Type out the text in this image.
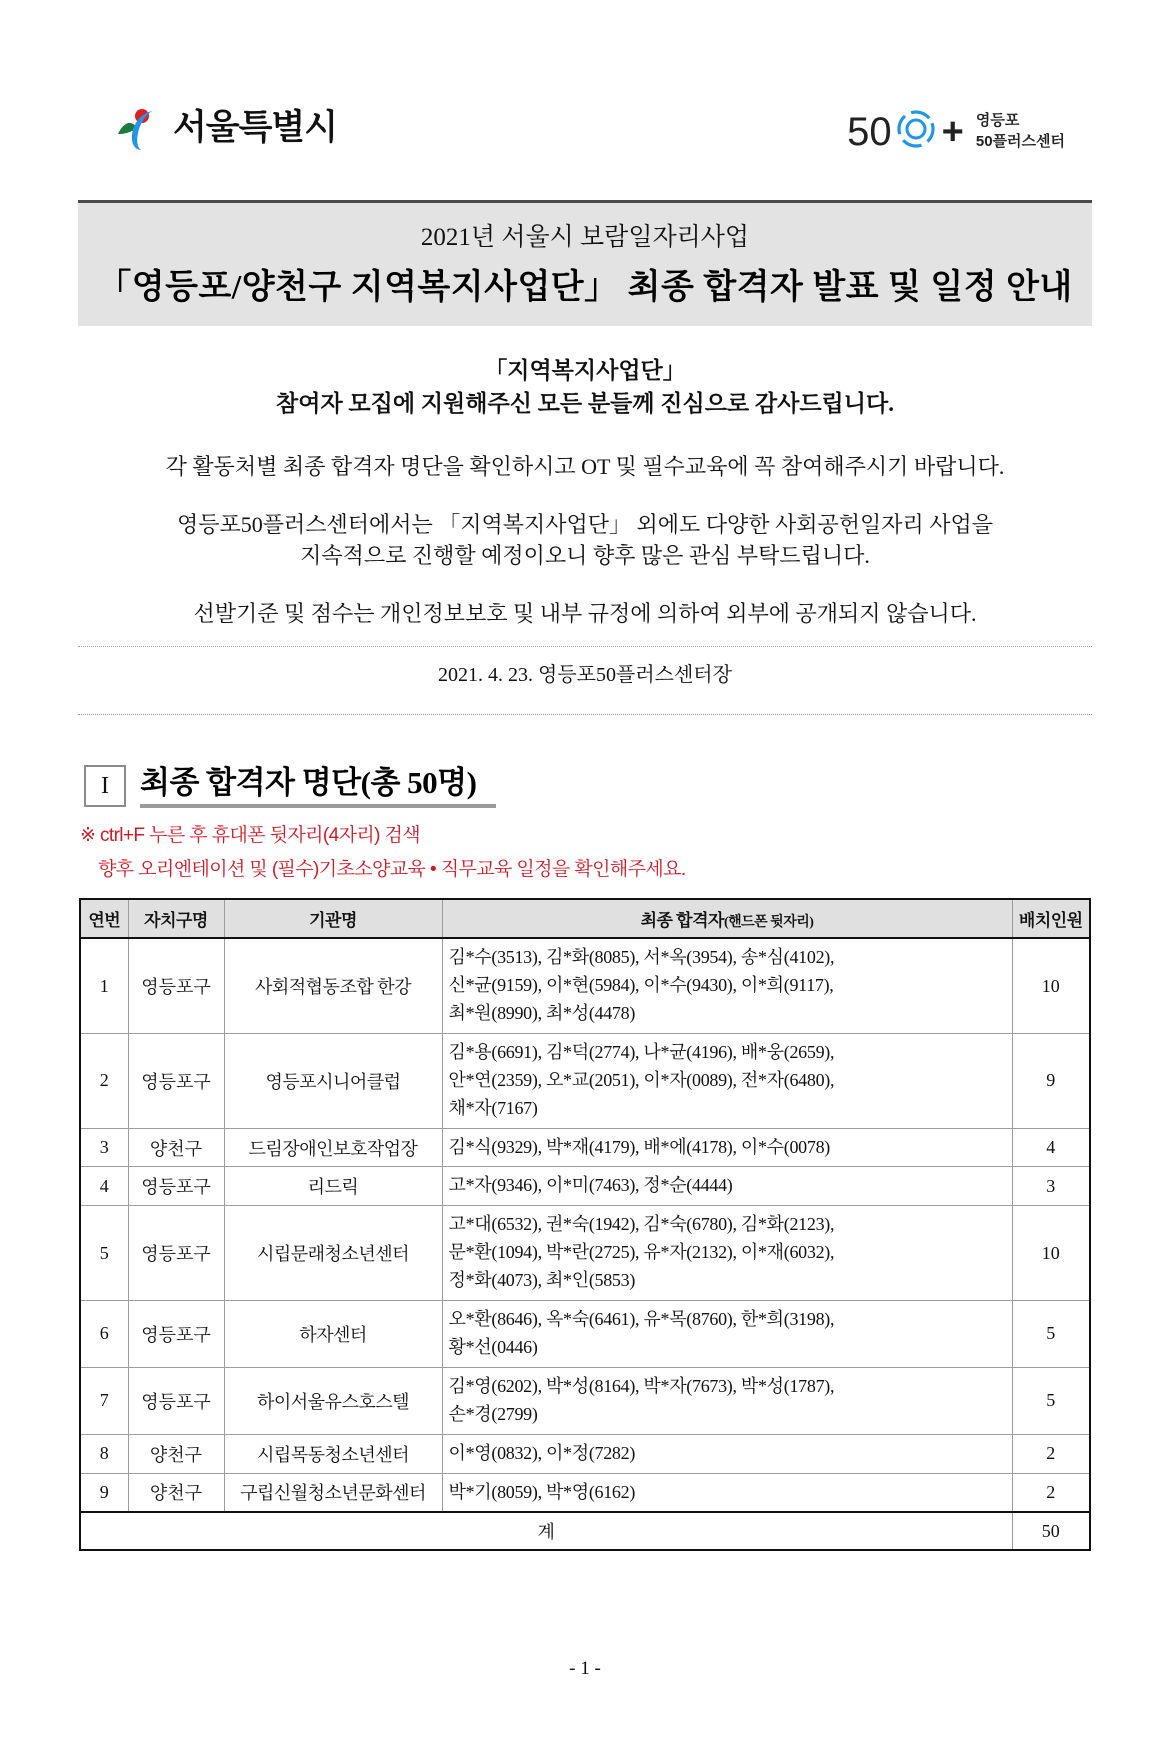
서울특별시	50 + 영등포
50플러스센터
2021년 서울시 보람일자리사업
「영등포/양천구 지역복지사업단」 최종 합격자 발표 및 일정 안내
「지역복지사업단」
참여자 모집에 지원해주신 모든 분들께 진심으로 감사드립니다.
각 활동처별 최종 합격자 명단을 확인하시고 OT 및 필수교육에 꼭 참여해주시기 바랍니다.
영등포50플러스센터에서는 「지역복지사업단」 외에도 다양한 사회공헌일자리 사업을
지속적으로 진행할 예정이오니 향후 많은 관심 부탁드립니다.
선발기준 및 점수는 개인정보보호 및 내부 규정에 의하여 외부에 공개되지 않습니다.
2021. 4. 23. 영등포50플러스센터장
I	최종 합격자 명단(총 50명)
※ ctrl+F 누른 후 휴대폰 뒷자리(4자리) 검색
향후 오리엔테이션 및 (필수)기초소양교육 • 직무교육 일정을 확인해주세요.
연번	자치구명	기관명	최종 합격자(핸드폰 뒷자리)	배치인원
1	영등포구	사회적협동조합 한강	김*수(3513), 김*화(8085), 서*옥(3954), 송*심(4102),
신*균(9159), 이*현(5984), 이*수(9430), 이*희(9117),
최*원(8990), 최*성(4478)	10
2	영등포구	영등포시니어클럽	김*용(6691), 김*덕(2774), 나*균(4196), 배*웅(2659),
안*연(2359), 오*교(2051), 이*자(0089), 전*자(6480),
채*자(7167)	9
3	양천구	드림장애인보호작업장	김*식(9329), 박*재(4179), 배*에(4178), 이*수(0078)	4
4	영등포구	리드릭	고*자(9346), 이*미(7463), 정*순(4444)	3
5	영등포구	시립문래청소년센터	고*대(6532), 권*숙(1942), 김*숙(6780), 김*화(2123),
문*환(1094), 박*란(2725), 유*자(2132), 이*재(6032),
정*화(4073), 최*인(5853)	10
6	영등포구	하자센터	오*환(8646), 옥*숙(6461), 유*목(8760), 한*희(3198),
황*선(0446)	5
7	영등포구	하이서울유스호스텔	김*영(6202), 박*성(8164), 박*자(7673), 박*성(1787),
손*경(2799)	5
8	양천구	시립목동청소년센터	이*영(0832), 이*정(7282)	2
9	양천구	구립신월청소년문화센터	박*기(8059), 박*영(6162)	2
계				50
- 1 -
